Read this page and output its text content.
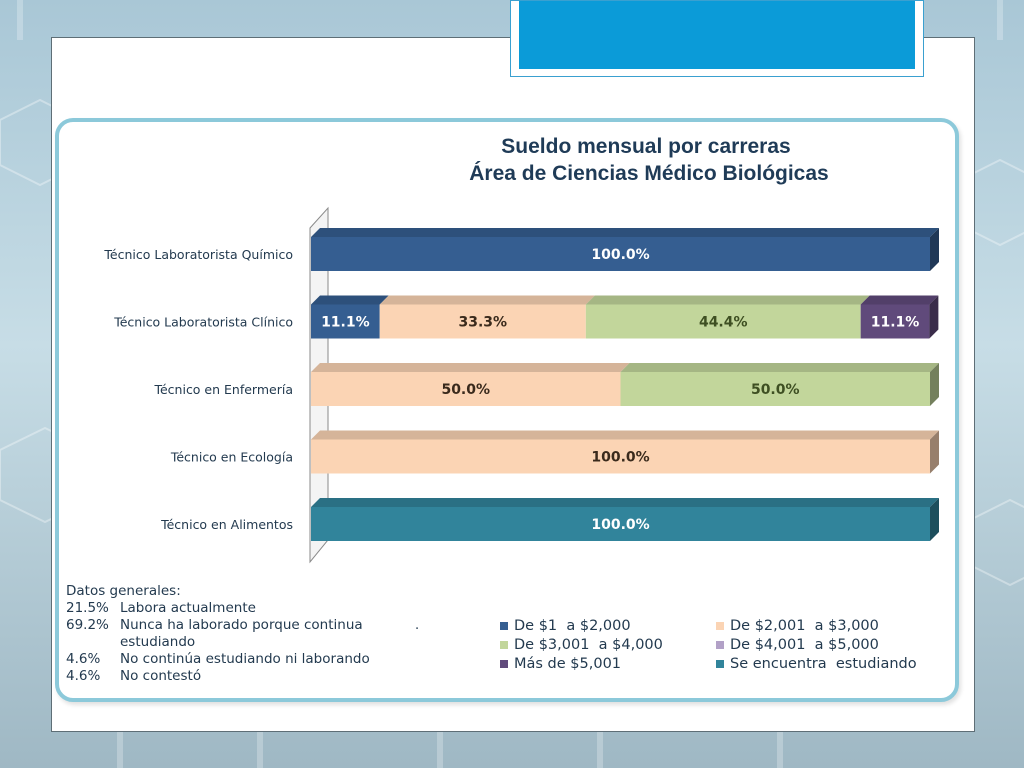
Sueldo mensual por carreras
Área de Ciencias Médico Biológicas
Técnico Laboratorista Químico
Técnico Laboratorista Clínico
Técnico en Enfermería
Técnico en Ecología
Técnico en Alimentos
100.0%
11.1%	33.3%	44.4%	11.1%
50.0%	50.0%
100.0%
100.0%
Datos generales:
21.5% Labora actualmente
69.2% Nunca ha laborado porque continua estudiando
4.6%	No continúa estudiando ni laborando
4.6%	No contestó
.	De $1  a $2,000	De $2,001  a $3,000
De $3,001  a $4,000	De $4,001  a $5,000
Más de $5,001	Se encuentra  estudiando
